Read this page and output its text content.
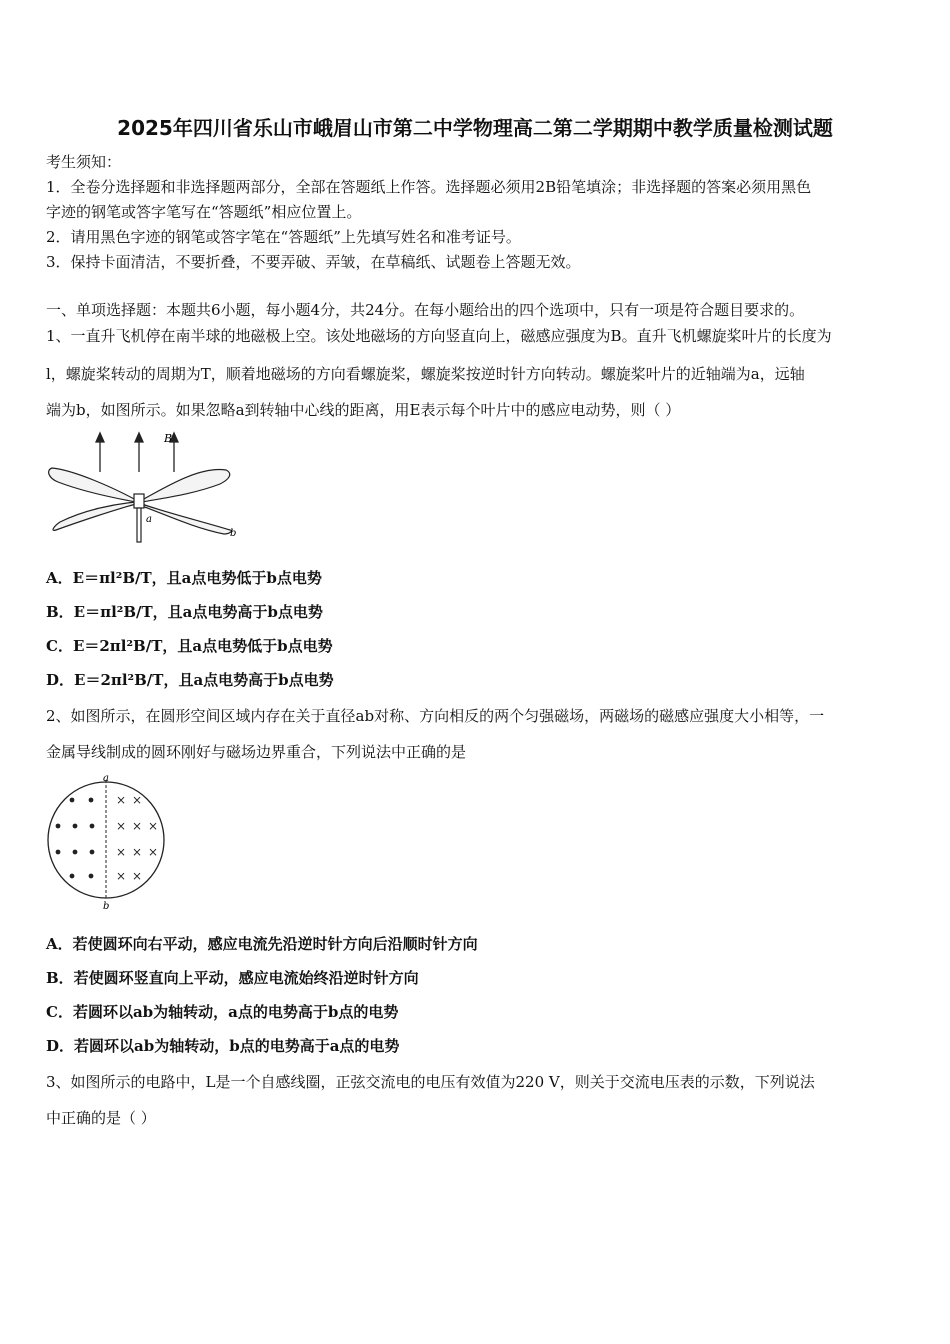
2025年四川省乐山市峨眉山市第二中学物理高二第二学期期中教学质量检测试题
考生须知：
1．全卷分选择题和非选择题两部分，全部在答题纸上作答。选择题必须用2B铅笔填涂；非选择题的答案必须用黑色
字迹的钢笔或答字笔写在“答题纸”相应位置上。
2．请用黑色字迹的钢笔或答字笔在“答题纸”上先填写姓名和准考证号。
3．保持卡面清洁，不要折叠，不要弄破、弄皱，在草稿纸、试题卷上答题无效。
一、单项选择题：本题共6小题，每小题4分，共24分。在每小题给出的四个选项中，只有一项是符合题目要求的。
1、一直升飞机停在南半球的地磁极上空。该处地磁场的方向竖直向上，磁感应强度为B。直升飞机螺旋桨叶片的长度为
l，螺旋桨转动的周期为T，顺着地磁场的方向看螺旋桨，螺旋桨按逆时针方向转动。螺旋桨叶片的近轴端为a，远轴
端为b，如图所示。如果忽略a到转轴中心线的距离，用E表示每个叶片中的感应电动势，则（ ）
B
a
b
A．E＝πl²B/T，且a点电势低于b点电势
B．E＝πl²B/T，且a点电势高于b点电势
C．E＝2πl²B/T，且a点电势低于b点电势
D．E＝2πl²B/T，且a点电势高于b点电势
2、如图所示，在圆形空间区域内存在关于直径ab对称、方向相反的两个匀强磁场，两磁场的磁感应强度大小相等，一
金属导线制成的圆环刚好与磁场边界重合，下列说法中正确的是
a
b
× ×
× × ×
× × ×
× ×
A．若使圆环向右平动，感应电流先沿逆时针方向后沿顺时针方向
B．若使圆环竖直向上平动，感应电流始终沿逆时针方向
C．若圆环以ab为轴转动，a点的电势高于b点的电势
D．若圆环以ab为轴转动，b点的电势高于a点的电势
3、如图所示的电路中，L是一个自感线圈，正弦交流电的电压有效值为220 V，则关于交流电压表的示数，下列说法
中正确的是（ ）
